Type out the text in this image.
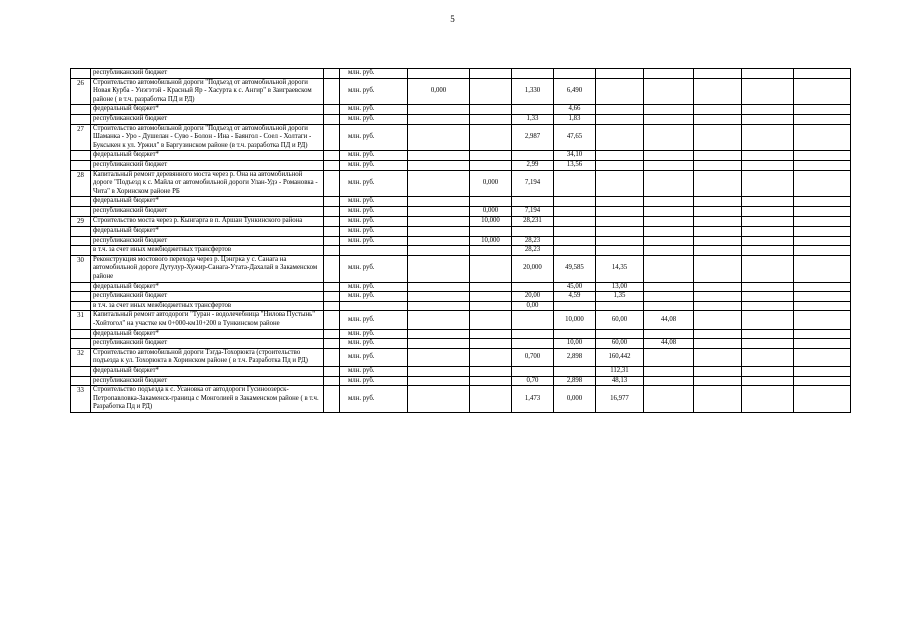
5
	республиканский бюджет		млн. руб.										
26	Строительство автомобильной дороги "Подъезд от автомобильной дороги Новая Курба - Унэгэтэй - Красный Яр - Хасурта к с. Ангир" в Заиграевском районе ( в т.ч. разработка ПД и РД)		млн. руб.	0,000		1,330	6,490						
	федеральный бюджет*		млн. руб.				4,66						
	республиканский бюджет		млн. руб.			1,33	1,83						
27	Строительство автомобильной дороги "Подъезд от автомобильной дороги Шаманка - Уро - Душелан - Суво - Болон - Ина - Баянгол - Соел - Холтаги - Буксыкен к ул. Уржил" в Баргузинском районе (в т.ч. разработка ПД и РД)		млн. руб.			2,987	47,65						
	федеральный бюджет*		млн. руб.				34,10						
	республиканский бюджет		млн. руб.			2,99	13,56						
28	Капитальный ремонт деревянного моста через р. Она на автомобильной дороге "Подъезд к с. Майла от автомобильной дороги Улан-Удэ - Романовка - Чита" в Хоринском районе РБ		млн. руб.		0,000	7,194							
	федеральный бюджет*		млн. руб.										
	республиканский бюджет		млн. руб.		0,000	7,194							
29	Строительство моста через р. Кынгарга в п. Аршан Тункинского района		млн. руб.		10,000	28,231							
	федеральный бюджет*		млн. руб.										
	республиканский бюджет		млн. руб.		10,000	28,23							
	в т.ч. за счет иных межбюджетных трансфертов					28,23							
30	Реконструкция мостового перехода через р. Цэнгрка у с. Санага на автомобильной дороге Дутулур-Хужир-Санага-Утата-Дахалай в Закаменском районе		млн. руб.			20,000	49,585	14,35					
	федеральный бюджет*		млн. руб.				45,00	13,00					
	республиканский бюджет		млн. руб.			20,00	4,59	1,35					
	в т.ч. за счет иных межбюджетных трансфертов					0,00							
31	Капитальный ремонт автодороги "Туран - водолечебница "Нилова Пустынь" -Хойтогол" на участке км 0+000-км10+200 в Тункинском районе		млн. руб.				10,000	60,00	44,08				
	федеральный бюджет*		млн. руб.										
	республиканский бюджет		млн. руб.				10,00	60,00	44,08				
32	Строительство автомобильной дороги Тэгда-Тохорюкта (строительство подъезда к ул. Тохорюкта в Хоринском районе ( в т.ч. Разработка Пд и РД)		млн. руб.			0,700	2,898	160,442					
	федеральный бюджет*		млн. руб.					112,31					
	республиканский бюджет		млн. руб.			0,70	2,898	48,13					
33	Строительство подъезда к с. Усановка от автодороги Гусиноозерск-Петропавловка-Закаменск-граница с Монголией в Закаменском районе ( в т.ч. Разработка Пд и РД)		млн. руб.			1,473	0,000	16,977					
